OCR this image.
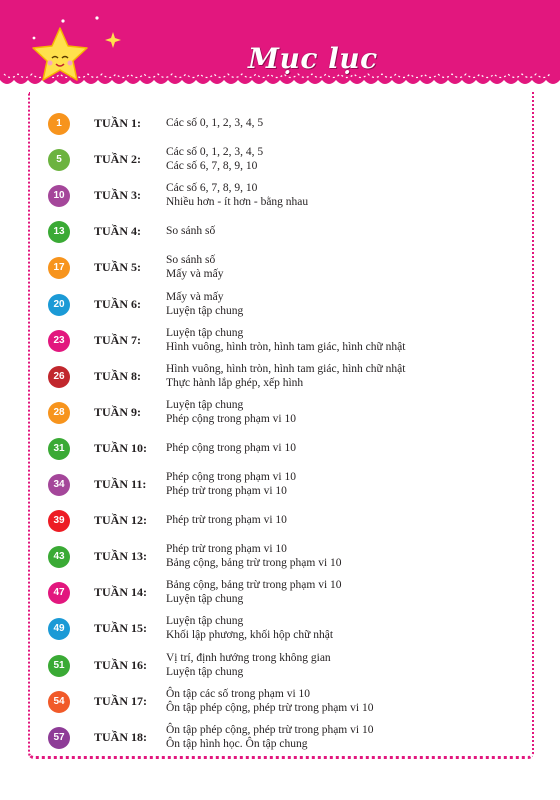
Mục lục
1	TUẦN 1: Các số 0, 1, 2, 3, 4, 5
5	TUẦN 2: Các số 0, 1, 2, 3, 4, 5
Các số 6, 7, 8, 9, 10
10	TUẦN 3: Các số 6, 7, 8, 9, 10
Nhiều hơn - ít hơn - bằng nhau
13	TUẦN 4: So sánh số
17	TUẦN 5: So sánh số
Mấy và mấy
20	TUẦN 6: Mấy và mấy
Luyện tập chung
23	TUẦN 7: Luyện tập chung
Hình vuông, hình tròn, hình tam giác, hình chữ nhật
26	TUẦN 8: Hình vuông, hình tròn, hình tam giác, hình chữ nhật
Thực hành lắp ghép, xếp hình
28	TUẦN 9: Luyện tập chung
Phép cộng trong phạm vi 10
31	TUẦN 10: Phép cộng trong phạm vi 10
34	TUẦN 11: Phép cộng trong phạm vi 10
Phép trừ trong phạm vi 10
39	TUẦN 12: Phép trừ trong phạm vi 10
43	TUẦN 13: Phép trừ trong phạm vi 10
Bảng cộng, bảng trừ trong phạm vi 10
47	TUẦN 14: Bảng cộng, bảng trừ trong phạm vi 10
Luyện tập chung
49	TUẦN 15: Luyện tập chung
Khối lập phương, khối hộp chữ nhật
51	TUẦN 16: Vị trí, định hướng trong không gian
Luyện tập chung
54	TUẦN 17: Ôn tập các số trong phạm vi 10
Ôn tập phép cộng, phép trừ trong phạm vi 10
57	TUẦN 18: Ôn tập phép cộng, phép trừ trong phạm vi 10
Ôn tập hình học. Ôn tập chung
